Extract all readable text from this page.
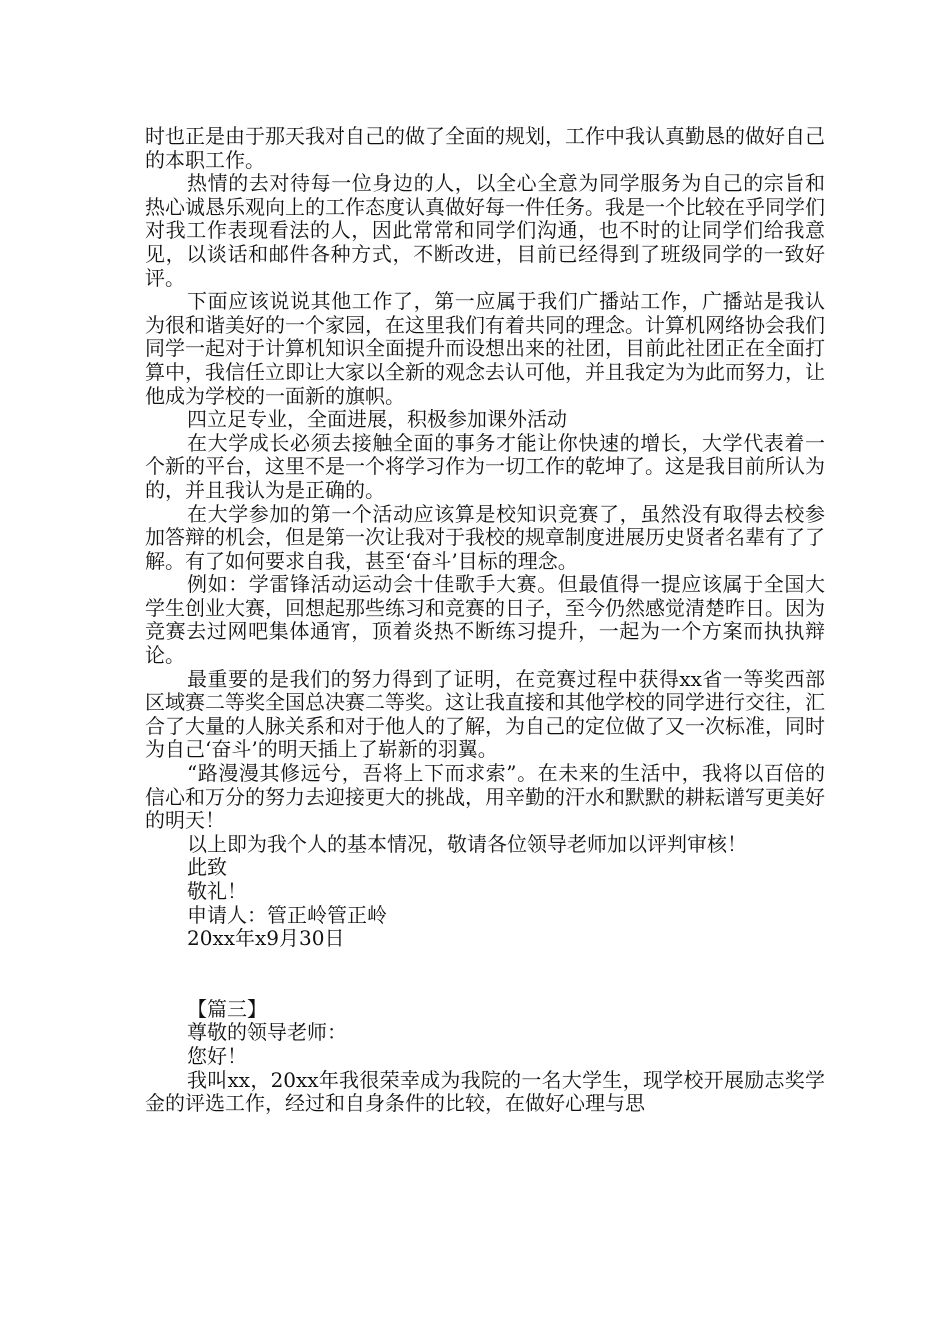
时也正是由于那天我对自己的做了全面的规划，工作中我认真勤恳的做好自己的本职工作。

热情的去对待每一位身边的人，以全心全意为同学服务为自己的宗旨和热心诚恳乐观向上的工作态度认真做好每一件任务。我是一个比较在乎同学们对我工作表现看法的人，因此常常和同学们沟通，也不时的让同学们给我意见，以谈话和邮件各种方式，不断改进，目前已经得到了班级同学的一致好评。

下面应该说说其他工作了，第一应属于我们广播站工作，广播站是我认为很和谐美好的一个家园，在这里我们有着共同的理念。计算机网络协会我们同学一起对于计算机知识全面提升而设想出来的社团，目前此社团正在全面打算中，我信任立即让大家以全新的观念去认可他，并且我定为为此而努力，让他成为学校的一面新的旗帜。

四立足专业，全面进展，积极参加课外活动

在大学成长必须去接触全面的事务才能让你快速的增长，大学代表着一个新的平台，这里不是一个将学习作为一切工作的乾坤了。这是我目前所认为的，并且我认为是正确的。

在大学参加的第一个活动应该算是校知识竞赛了，虽然没有取得去校参加答辩的机会，但是第一次让我对于我校的规章制度进展历史贤者名辈有了了解。有了如何要求自我，甚至‘奋斗’目标的理念。

例如：学雷锋活动运动会十佳歌手大赛。但最值得一提应该属于全国大学生创业大赛，回想起那些练习和竞赛的日子，至今仍然感觉清楚昨日。因为竞赛去过网吧集体通宵，顶着炎热不断练习提升，一起为一个方案而执执辩论。

最重要的是我们的努力得到了证明，在竞赛过程中获得xx省一等奖西部区域赛二等奖全国总决赛二等奖。这让我直接和其他学校的同学进行交往，汇合了大量的人脉关系和对于他人的了解，为自己的定位做了又一次标准，同时为自己‘奋斗’的明天插上了崭新的羽翼。

“路漫漫其修远兮，吾将上下而求索”。在未来的生活中，我将以百倍的信心和万分的努力去迎接更大的挑战，用辛勤的汗水和默默的耕耘谱写更美好的明天！

以上即为我个人的基本情况，敬请各位领导老师加以评判审核！

此致

敬礼！

申请人：管正岭管正岭

20xx年x9月30日

【篇三】

尊敬的领导老师：

您好！

我叫xx，20xx年我很荣幸成为我院的一名大学生，现学校开展励志奖学金的评选工作，经过和自身条件的比较，在做好心理与思
